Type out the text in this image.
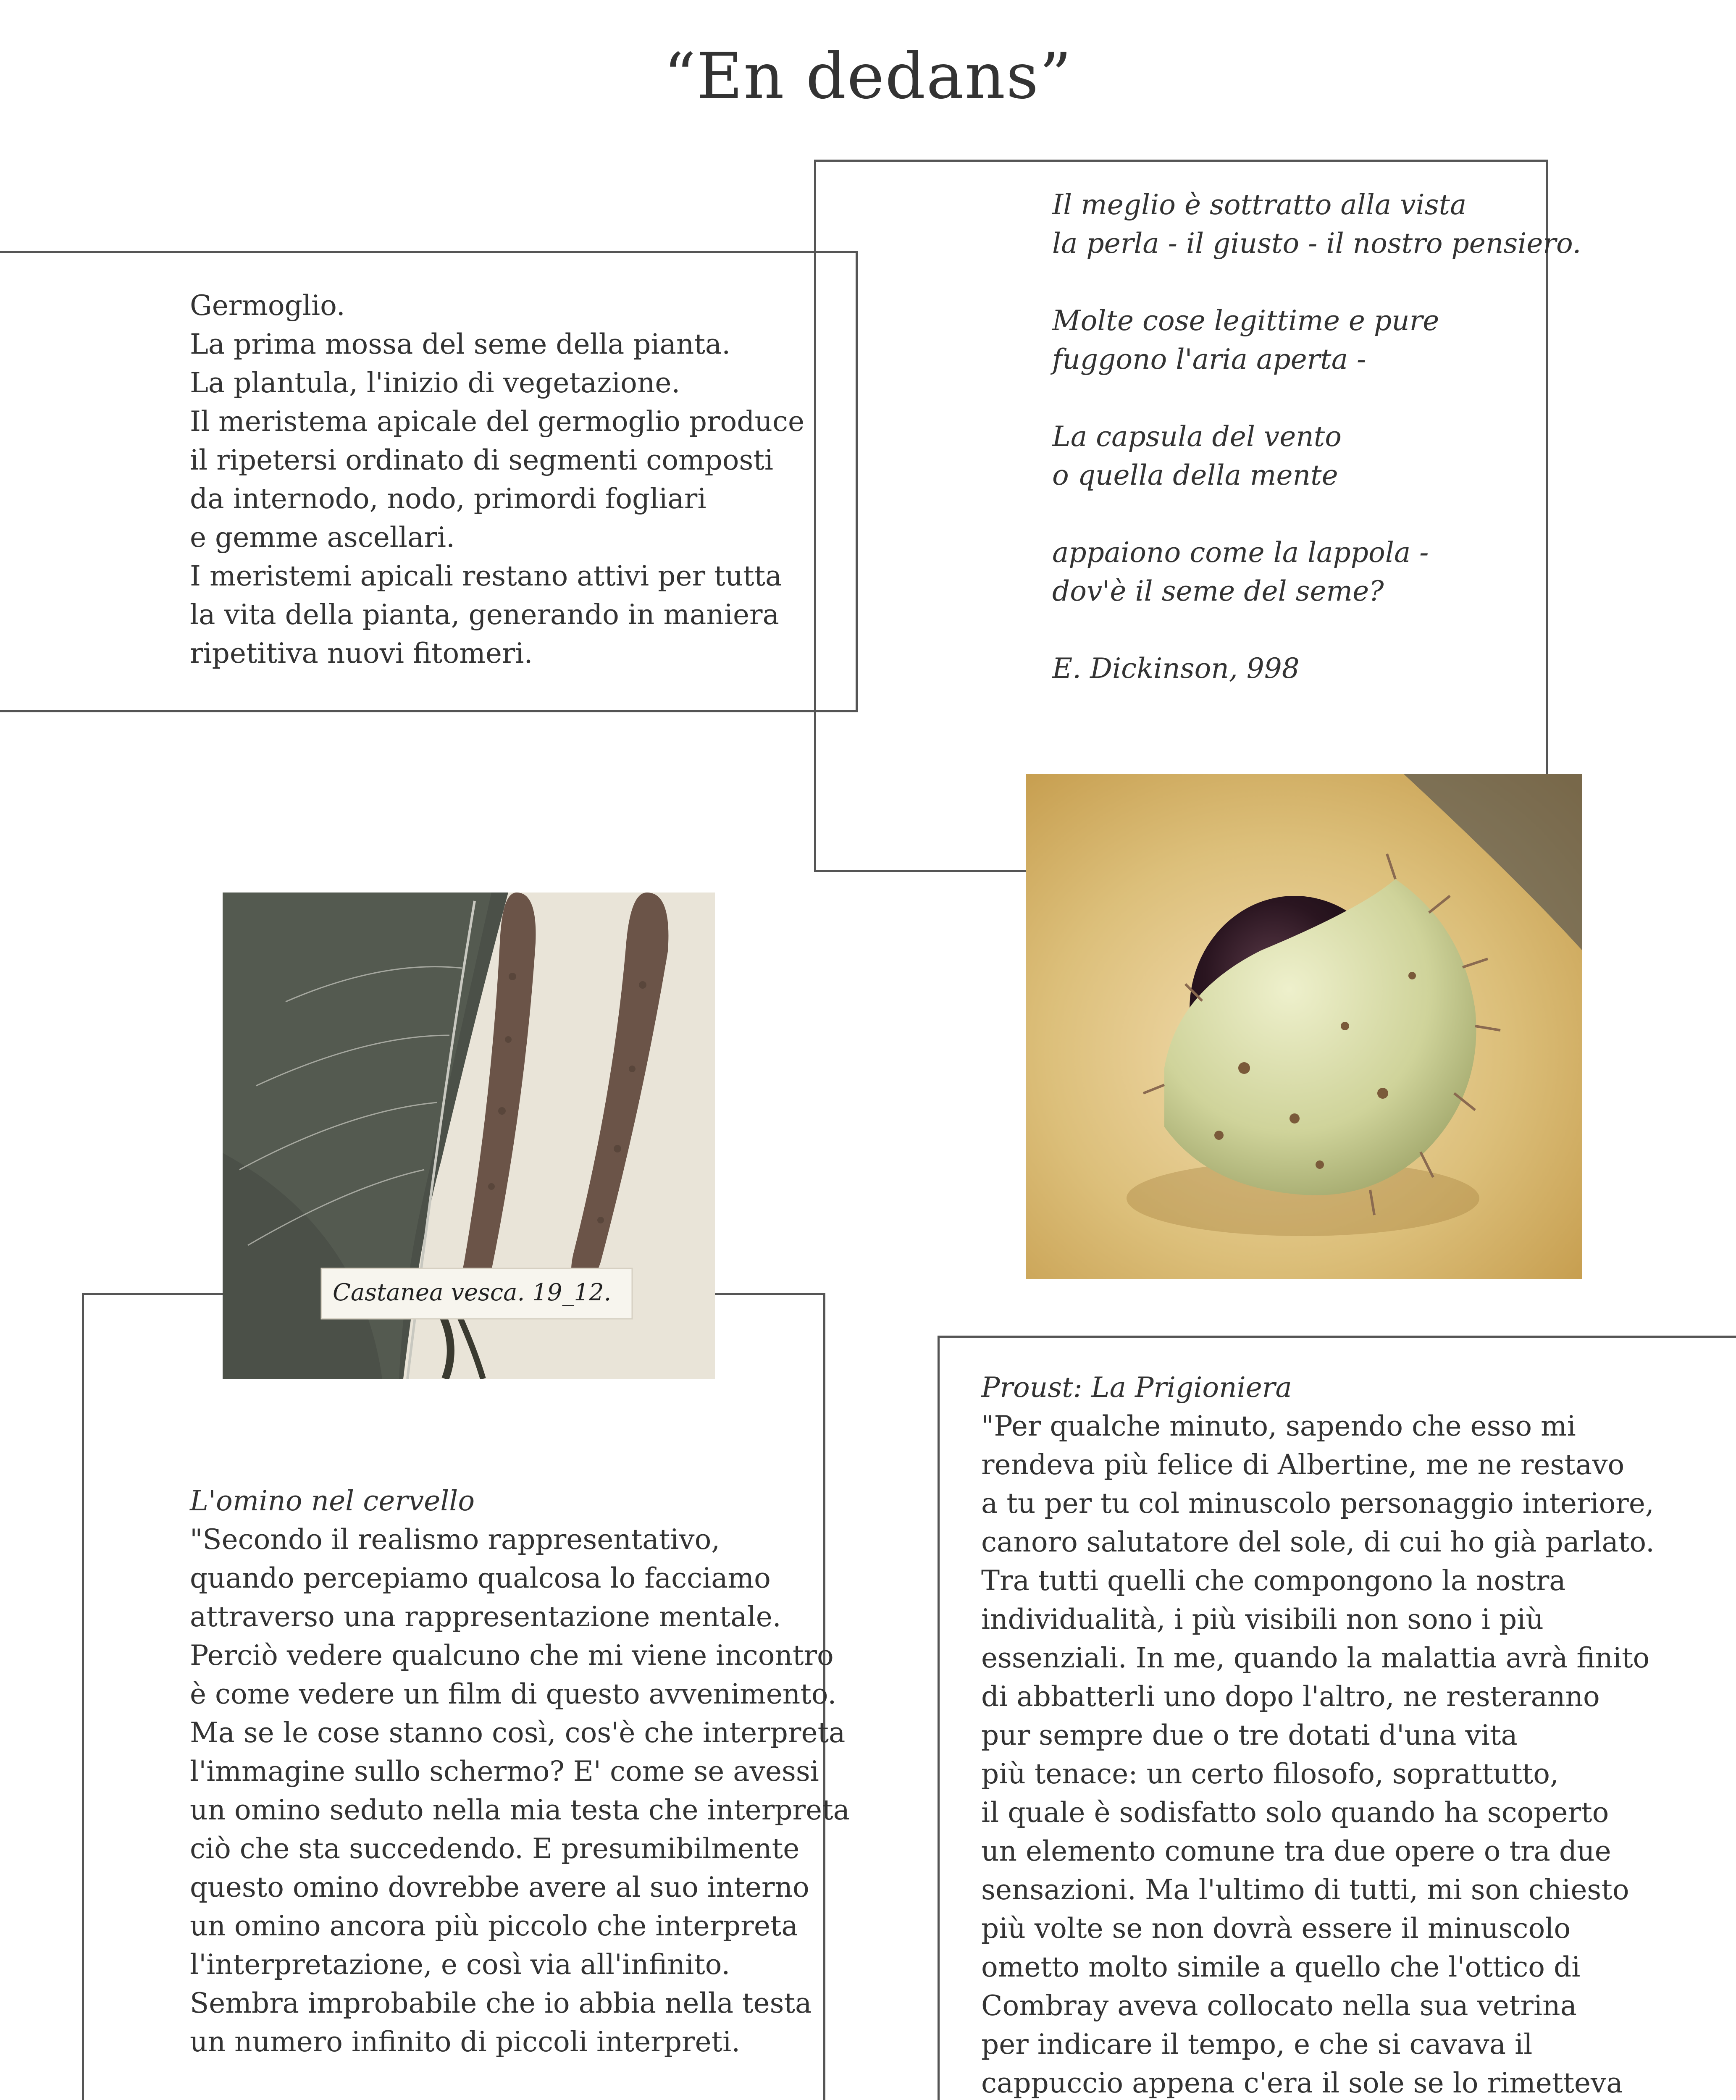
“En dedans”
Germoglio.
La prima mossa del seme della pianta.
La plantula, l'inizio di vegetazione.
Il meristema apicale del germoglio produce
il ripetersi ordinato di segmenti composti
da internodo, nodo, primordi fogliari
e gemme ascellari.
I meristemi apicali restano attivi per tutta
la vita della pianta, generando in maniera
ripetitiva nuovi fitomeri.
Il meglio è sottratto alla vista
la perla - il giusto - il nostro pensiero.
Molte cose legittime e pure
fuggono l'aria aperta -
La capsula del vento
o quella della mente
appaiono come la lappola -
dov'è il seme del seme?
E. Dickinson, 998
Castanea vesca. 19_12.
L'omino nel cervello
"Secondo il realismo rappresentativo,
quando percepiamo qualcosa lo facciamo
attraverso una rappresentazione mentale.
Perciò vedere qualcuno che mi viene incontro
è come vedere un film di questo avvenimento.
Ma se le cose stanno così, cos'è che interpreta
l'immagine sullo schermo? E' come se avessi
un omino seduto nella mia testa che interpreta
ciò che sta succedendo. E presumibilmente
questo omino dovrebbe avere al suo interno
un omino ancora più piccolo che interpreta
l'interpretazione, e così via all'infinito.
Sembra improbabile che io abbia nella testa
un numero infinito di piccoli interpreti.
Proust: La Prigioniera
"Per qualche minuto, sapendo che esso mi
rendeva più felice di Albertine, me ne restavo
a tu per tu col minuscolo personaggio interiore,
canoro salutatore del sole, di cui ho già parlato.
Tra tutti quelli che compongono la nostra
individualità, i più visibili non sono i più
essenziali. In me, quando la malattia avrà finito
di abbatterli uno dopo l'altro, ne resteranno
pur sempre due o tre dotati d'una vita
più tenace: un certo filosofo, soprattutto,
il quale è sodisfatto solo quando ha scoperto
un elemento comune tra due opere o tra due
sensazioni. Ma l'ultimo di tutti, mi son chiesto
più volte se non dovrà essere il minuscolo
ometto molto simile a quello che l'ottico di
Combray aveva collocato nella sua vetrina
per indicare il tempo, e che si cavava il
cappuccio appena c'era il sole se lo rimetteva
